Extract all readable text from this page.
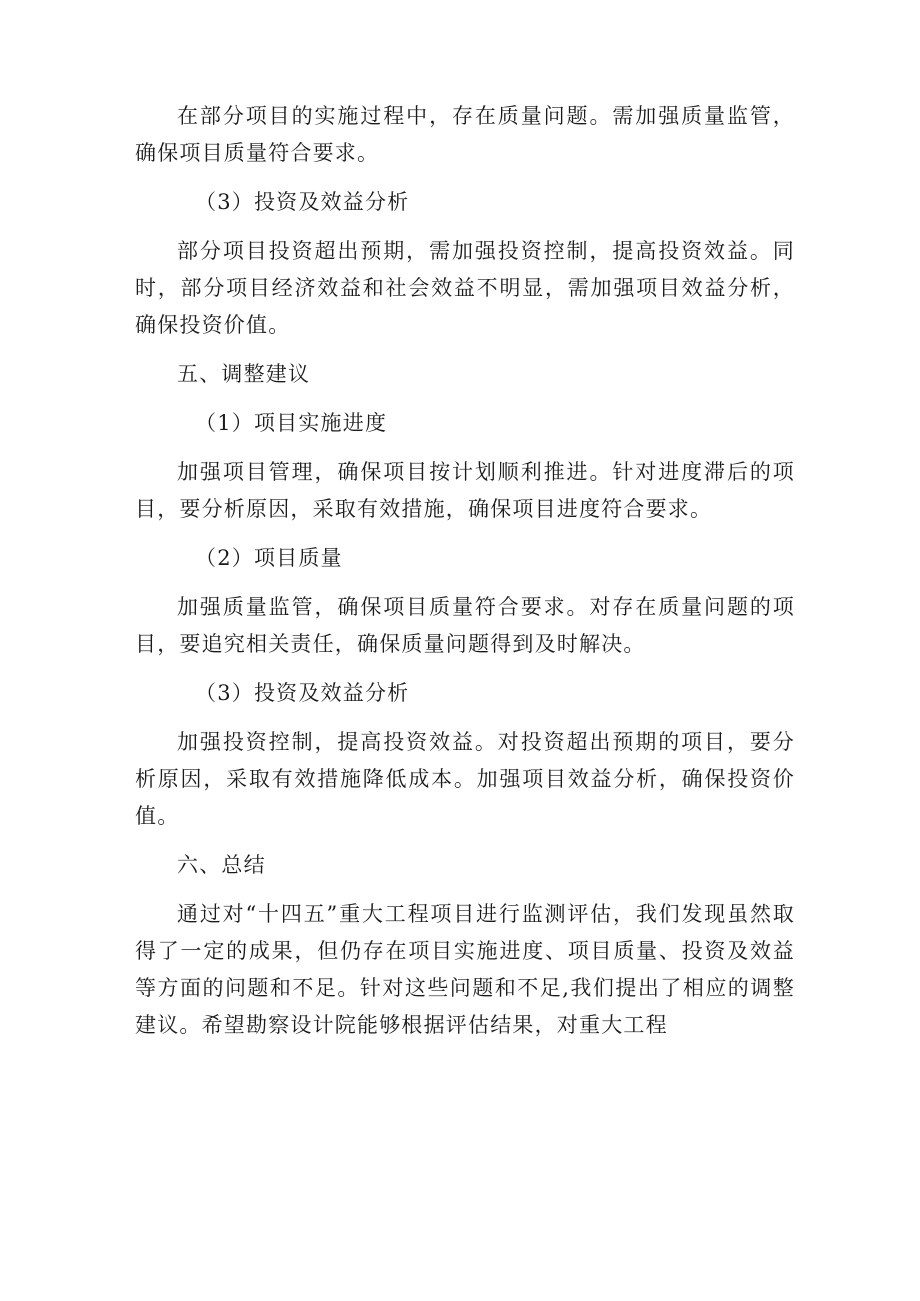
在部分项目的实施过程中，存在质量问题。需加强质量监管，确保项目质量符合要求。

（3）投资及效益分析

部分项目投资超出预期，需加强投资控制，提高投资效益。同时，部分项目经济效益和社会效益不明显，需加强项目效益分析，确保投资价值。

五、调整建议

（1）项目实施进度

加强项目管理，确保项目按计划顺利推进。针对进度滞后的项目，要分析原因，采取有效措施，确保项目进度符合要求。

（2）项目质量

加强质量监管，确保项目质量符合要求。对存在质量问题的项目，要追究相关责任，确保质量问题得到及时解决。

（3）投资及效益分析

加强投资控制，提高投资效益。对投资超出预期的项目，要分析原因，采取有效措施降低成本。加强项目效益分析，确保投资价值。

六、总结

通过对“十四五”重大工程项目进行监测评估，我们发现虽然取得了一定的成果，但仍存在项目实施进度、项目质量、投资及效益等方面的问题和不足。针对这些问题和不足,我们提出了相应的调整建议。希望勘察设计院能够根据评估结果，对重大工程
